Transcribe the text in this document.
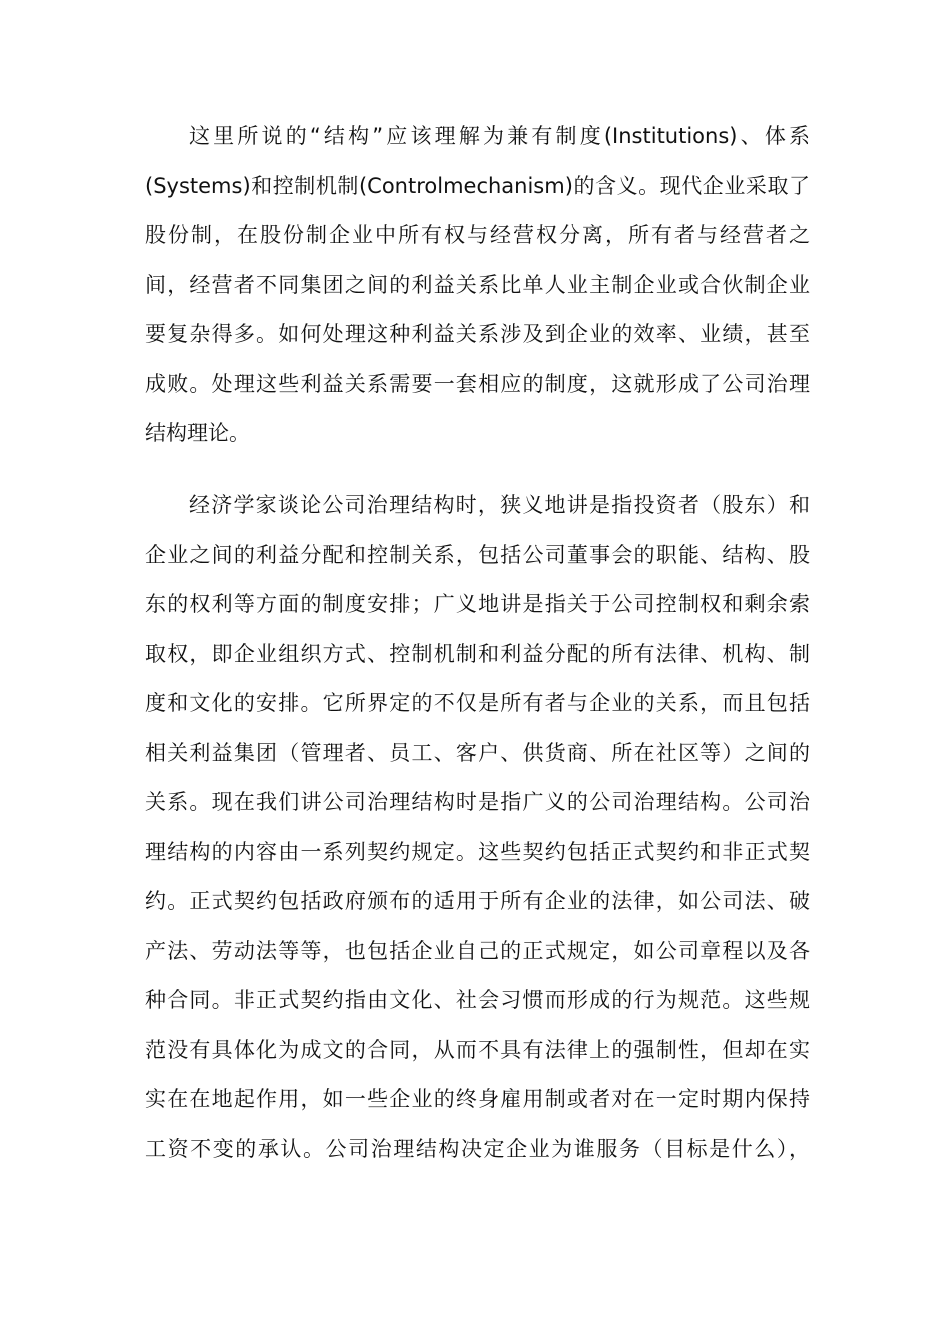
这里所说的“结构”应该理解为兼有制度(Institutions)、体系
(Systems)和控制机制(Controlmechanism)的含义。现代企业采取了
股份制，在股份制企业中所有权与经营权分离，所有者与经营者之
间，经营者不同集团之间的利益关系比单人业主制企业或合伙制企业
要复杂得多。如何处理这种利益关系涉及到企业的效率、业绩，甚至
成败。处理这些利益关系需要一套相应的制度，这就形成了公司治理
结构理论。
经济学家谈论公司治理结构时，狭义地讲是指投资者（股东）和
企业之间的利益分配和控制关系，包括公司董事会的职能、结构、股
东的权利等方面的制度安排；广义地讲是指关于公司控制权和剩余索
取权，即企业组织方式、控制机制和利益分配的所有法律、机构、制
度和文化的安排。它所界定的不仅是所有者与企业的关系，而且包括
相关利益集团（管理者、员工、客户、供货商、所在社区等）之间的
关系。现在我们讲公司治理结构时是指广义的公司治理结构。公司治
理结构的内容由一系列契约规定。这些契约包括正式契约和非正式契
约。正式契约包括政府颁布的适用于所有企业的法律，如公司法、破
产法、劳动法等等，也包括企业自己的正式规定，如公司章程以及各
种合同。非正式契约指由文化、社会习惯而形成的行为规范。这些规
范没有具体化为成文的合同，从而不具有法律上的强制性，但却在实
实在在地起作用，如一些企业的终身雇用制或者对在一定时期内保持
工资不变的承认。公司治理结构决定企业为谁服务（目标是什么），
